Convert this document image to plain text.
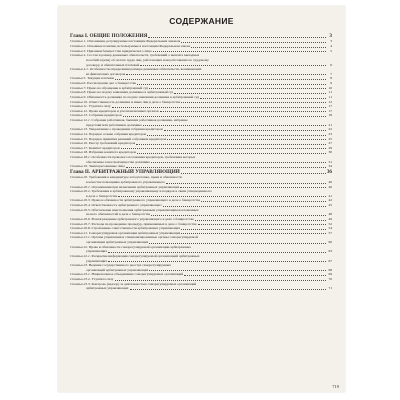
СОДЕРЖАНИЕ
Глава I. ОБЩИЕ ПОЛОЖЕНИЯ	3
Статья 1. Отношения, регулируемые настоящим Федеральным законом	3
Статья 2. Основные понятия, используемые в настоящем Федеральном законе	4
Статья 3. Признаки банкротства юридического лица	5
Статья 4. Состав и размер денежных обязательств, требований о выплате выходных
пособий и (или) об оплате труда лиц, работающих или работавших по трудовому
договору, и обязательных платежей	6
Статья 4.1. Особенности определения размера денежных обязательств, возникающих
из финансовых договоров	7
Статья 5. Текущие платежи	8
Статья 6. Рассмотрение дел о банкротстве	9
Статья 7. Право на обращение в арбитражный суд	10
Статья 8. Право на подачу заявления должника в арбитражный суд	11
Статья 9. Обязанность должника по подаче заявления должника в арбитражный суд	11
Статья 10. Ответственность должника и иных лиц в деле о банкротстве	12
Статья 11. Утратила силу	17
Статья 12. Права кредиторов и уполномоченных органов	17
Статья 13. Собрание кредиторов	18
Статья 12.1. Собрание работников, бывших работников должника, избрание
представителя работников должника	21
Статья 13. Уведомление о проведении собрания кредиторов	22
Статья 14. Порядок созыва собрания кредиторов	23
Статья 15. Порядок принятия решений собранием кредиторов	25
Статья 16. Реестр требований кредиторов	27
Статья 17. Комитет кредиторов	29
Статья 18. Избрание комитета кредиторов	30
Статья 18.1. Особенности правового положения кредиторов, требования которых
обеспечены залогом имущества должника	31
Статья 19. Заинтересованные лица	34
Глава II. АРБИТРАЖНЫЙ УПРАВЛЯЮЩИЙ	36
Статья 20. Требования к кандидатуре и подготовка, права и обязанности
в качестве помощника арбитражного управляющего	40
Статья 20.1. Ограничения при назначении арбитражных управляющих	40
Статья 20.2. Требования к арбитражному управляющему и порядок в связи утверждения его
в деле о банкротстве	41
Статья 20.3. Права и обязанности арбитражного управляющего в деле о банкротстве	42
Статья 20.4. Ответственность арбитражного управляющего	45
Статья 20.5. Обеспечение неисполнения арбитражным управляющим возложенных
на него обязанностей в деле о банкротстве	48
Статья 20.6. Вознаграждение арбитражного управляющего в деле о банкротстве	49
Статья 20.7. Расходы на проведение процедур, применяемых в деле о банкротстве	52
Статья 20.8. Страхование ответственности арбитражных управляющих	54
Статья 21. Саморегулируемая организация арбитражных управляющих	57
Статья 21.1. Органы управления и специализированные органы саморегулируемой
организации арбитражных управляющих	60
Статья 22. Права и обязанности саморегулируемой организации арбитражных
управляющих	63
Статья 22.1. Раскрытие информации саморегулируемой организацией арбитражных
управляющих	67
Статья 23. Ведение государственного реестра саморегулируемых
организаций арбитражных управляющих	68
Статья 23.1. Национальное объединение саморегулируемых организаций	69
Статья 23.2. Утратила силу	70
Статья 23.3. Контроль (надзор) за деятельностью саморегулируемых организаций
арбитражных управляющих	71
719
